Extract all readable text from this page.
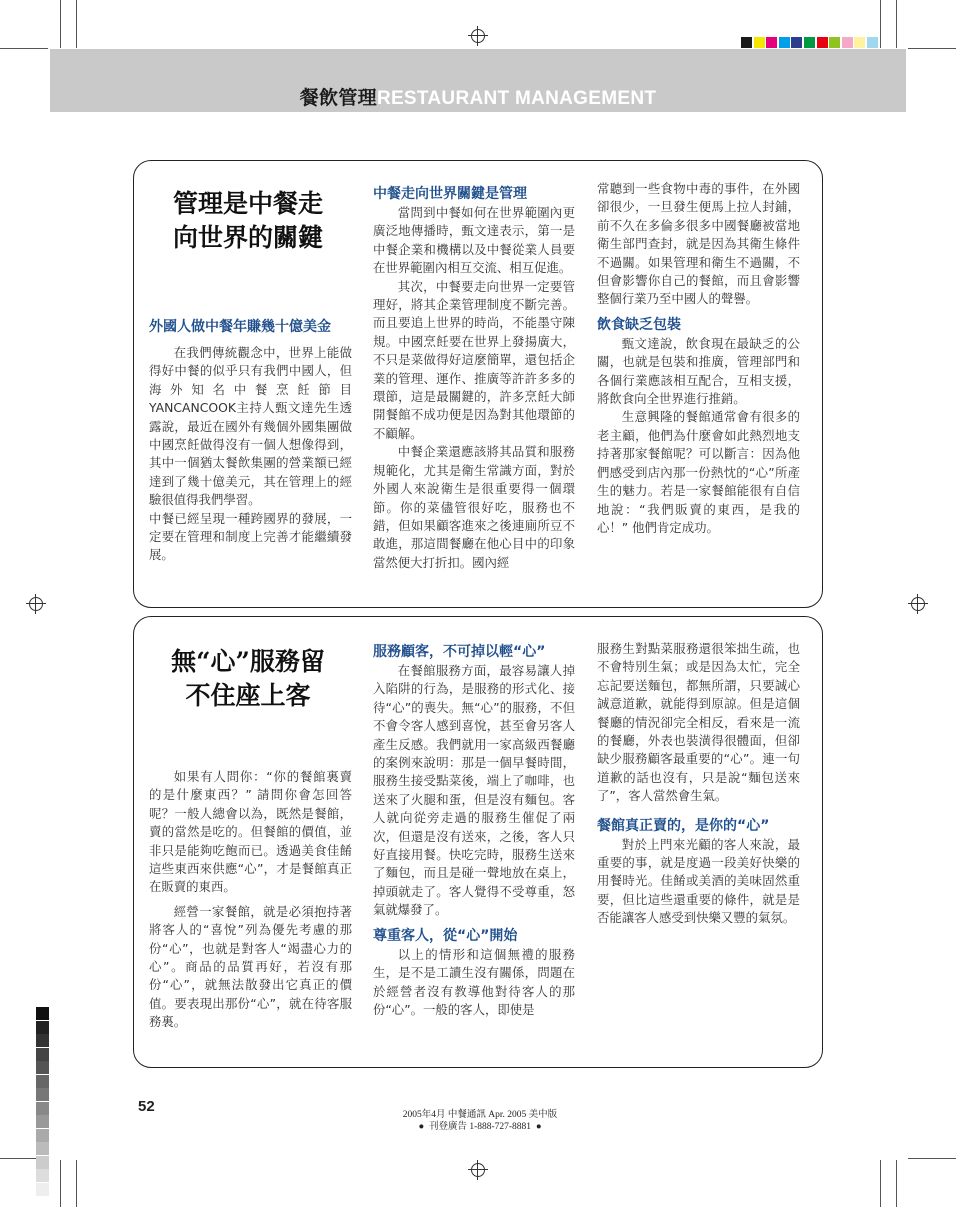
餐飲管理RESTAURANT MANAGEMENT
管理是中餐走
向世界的關鍵
外國人做中餐年賺幾十億美金

在我們傳統觀念中，世界上能做得好中餐的似乎只有我們中國人，但海外知名中餐烹飪節目YANCANCOOK主持人甄文達先生透露說，最近在國外有幾個外國集團做中國烹飪做得沒有一個人想像得到，其中一個猶太餐飲集團的營業額已經達到了幾十億美元，其在管理上的經驗很值得我們學習。

中餐已經呈現一種跨國界的發展，一定要在管理和制度上完善才能繼續發展。

中餐走向世界關鍵是管理

當問到中餐如何在世界範圍內更廣泛地傳播時，甄文達表示，第一是中餐企業和機構以及中餐從業人員要在世界範圍內相互交流、相互促進。

其次，中餐要走向世界一定要管理好，將其企業管理制度不斷完善。而且要追上世界的時尚，不能墨守陳規。中國烹飪要在世界上發揚廣大，不只是菜做得好這麼簡單，還包括企業的管理、運作、推廣等許許多多的環節，這是最關鍵的，許多烹飪大師開餐館不成功便是因為對其他環節的不顧解。

中餐企業還應該將其品質和服務規範化，尤其是衛生常識方面，對於外國人來說衛生是很重要得一個環節。你的菜儘管很好吃，服務也不錯，但如果顧客進來之後連廁所豆不敢進，那這間餐廳在他心目中的印象當然便大打折扣。國內經

常聽到一些食物中毒的事件，在外國卻很少，一旦發生便馬上拉人封鋪，前不久在多倫多很多中國餐廳被當地衛生部門查封，就是因為其衛生條件不過關。如果管理和衛生不過關，不但會影響你自己的餐館，而且會影響整個行業乃至中國人的聲譽。

飲食缺乏包裝

甄文達說，飲食現在最缺乏的公關，也就是包裝和推廣，管理部門和各個行業應該相互配合，互相支援，將飲食向全世界進行推銷。

生意興隆的餐館通常會有很多的老主顧，他們為什麼會如此熱烈地支持著那家餐館呢？可以斷言：因為他們感受到店內那一份熱忱的“心”所產生的魅力。若是一家餐館能很有自信地說：“我們販賣的東西，是我的心！” 他們肯定成功。

無“心”服務留
不住座上客

如果有人問你：“你的餐館裏賣的是什麼東西？” 請問你會怎回答呢？一般人總會以為，既然是餐館，賣的當然是吃的。但餐館的價值，並非只是能夠吃飽而已。透過美食佳餚這些東西來供應“心”，才是餐館真正在販賣的東西。

經營一家餐館，就是必須抱持著將客人的“喜悅”列為優先考慮的那份“心”，也就是對客人“竭盡心力的心”。商品的品質再好，若沒有那份“心”，就無法散發出它真正的價值。要表現出那份“心”，就在待客服務裏。

服務顧客，不可掉以輕“心”

在餐館服務方面，最容易讓人掉入陷阱的行為，是服務的形式化、接待“心”的喪失。無“心”的服務，不但不會令客人感到喜悅，甚至會另客人產生反感。我們就用一家高級西餐廳的案例來說明：那是一個早餐時間，服務生接受點菜後，端上了咖啡，也送來了火腿和蛋，但是沒有麵包。客人就向從旁走過的服務生催促了兩次，但還是沒有送來，之後，客人只好直接用餐。快吃完時，服務生送來了麵包，而且是碰一聲地放在桌上，掉頭就走了。客人覺得不受尊重，怒氣就爆發了。

尊重客人，從“心”開始

以上的情形和這個無禮的服務生，是不是工讀生沒有關係，問題在於經營者沒有教導他對待客人的那份“心”。一般的客人，即使是

服務生對點菜服務還很笨拙生疏，也不會特別生氣；或是因為太忙，完全忘記要送麵包，都無所謂，只要誠心誠意道歉，就能得到原諒。但是這個餐廳的情況卻完全相反，看來是一流的餐廳，外表也裝潢得很體面，但卻缺少服務顧客最重要的“心”。連一句道歉的話也沒有，只是說“麵包送來了”，客人當然會生氣。

餐館真正賣的，是你的“心”

對於上門來光顧的客人來說，最重要的事，就是度過一段美好快樂的用餐時光。佳餚或美酒的美味固然重要，但比這些還重要的條件，就是是否能讓客人感受到快樂又豐的氣氛。

52	2005年4月 中餐通訊 Apr. 2005 美中版
● 刊登廣告 1-888-727-8881 ●
